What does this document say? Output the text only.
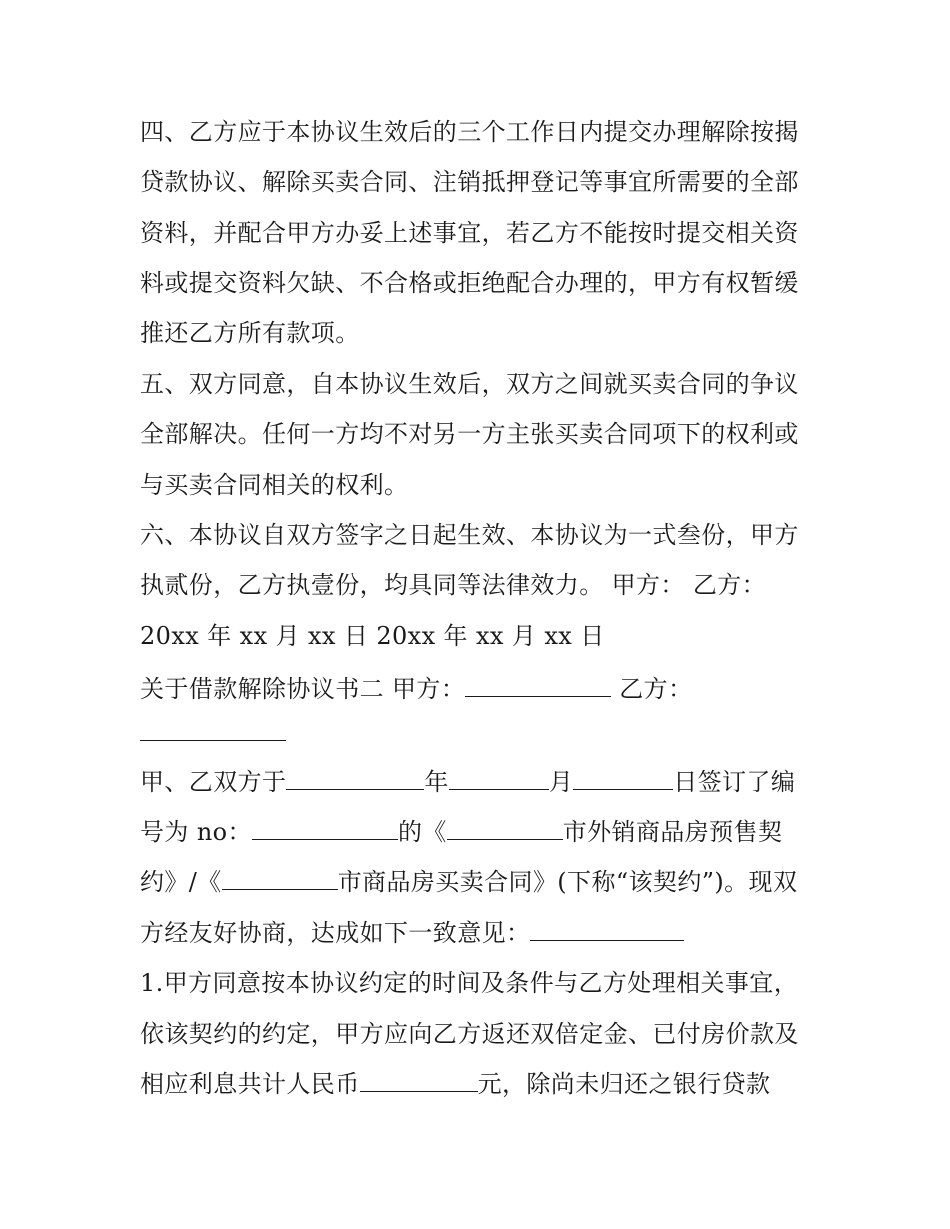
四、乙方应于本协议生效后的三个工作日内提交办理解除按揭
贷款协议、解除买卖合同、注销抵押登记等事宜所需要的全部
资料，并配合甲方办妥上述事宜，若乙方不能按时提交相关资
料或提交资料欠缺、不合格或拒绝配合办理的，甲方有权暂缓
推还乙方所有款项。
五、双方同意，自本协议生效后，双方之间就买卖合同的争议
全部解决。任何一方均不对另一方主张买卖合同项下的权利或
与买卖合同相关的权利。
六、本协议自双方签字之日起生效、本协议为一式叁份，甲方
执贰份，乙方执壹份，均具同等法律效力。 甲方： 乙方：
20xx 年 xx 月 xx 日 20xx 年 xx 月 xx 日
关于借款解除协议书二 甲方：	乙方：
甲、乙双方于	年	月	日签订了编
号为 no：	的《	市外销商品房预售契
约》/《	市商品房买卖合同》(下称“该契约”)。现双
方经友好协商，达成如下一致意见：
1.甲方同意按本协议约定的时间及条件与乙方处理相关事宜，
依该契约的约定，甲方应向乙方返还双倍定金、已付房价款及
相应利息共计人民币	元，除尚未归还之银行贷款
